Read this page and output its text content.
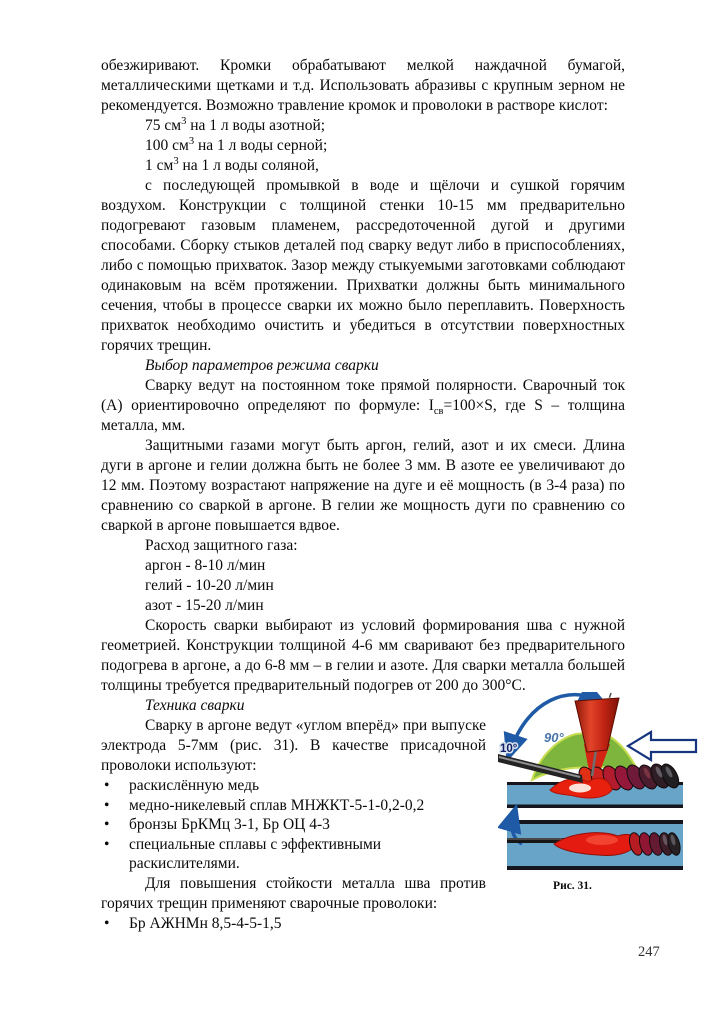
обезжиривают. Кромки обрабатывают мелкой наждачной бумагой, металлическими щетками и т.д. Использовать абразивы с крупным зерном не рекомендуется. Возможно травление кромок и проволоки в растворе кислот:

75 $см^3$ на 1 л воды азотной;
100 $см^3$ на 1 л воды серной;
1 $см^3$ на 1 л воды соляной,

с последующей промывкой в воде и щёлочи и сушкой горячим воздухом. Конструкции с толщиной стенки 10-15 мм предварительно подогревают газовым пламенем, рассредоточенной дугой и другими способами. Сборку стыков деталей под сварку ведут либо в приспособлениях, либо с помощью прихваток. Зазор между стыкуемыми заготовками соблюдают одинаковым на всём протяжении. Прихватки должны быть минимального сечения, чтобы в процессе сварки их можно было переплавить. Поверхность прихваток необходимо очистить и убедиться в отсутствии поверхностных горячих трещин.

Выбор параметров режима сварки

Сварку ведут на постоянном токе прямой полярности. Сварочный ток (А) ориентировочно определяют по формуле: $I_{св}=100\times S$, где S – толщина металла, мм.

Защитными газами могут быть аргон, гелий, азот и их смеси. Длина дуги в аргоне и гелии должна быть не более 3 мм. В азоте ее увеличивают до 12 мм. Поэтому возрастают напряжение на дуге и её мощность (в 3-4 раза) по сравнению со сваркой в аргоне. В гелии же мощность дуги по сравнению со сваркой в аргоне повышается вдвое.

Расход защитного газа:

аргон - 8-10 л/мин
гелий - 10-20 л/мин
азот - 15-20 л/мин

Скорость сварки выбирают из условий формирования шва с нужной геометрией. Конструкции толщиной 4-6 мм сваривают без предварительного подогрева в аргоне, а до 6-8 мм – в гелии и азоте. Для сварки металла большей толщины требуется предварительный подогрев от 200 до 300°С.

Техника сварки

90°
10°
Рис. 31.

Сварку в аргоне ведут «углом вперёд» при выпуске электрода 5-7мм (рис. 31). В качестве присадочной проволоки используют:

• раскислённую медь
• медно-никелевый сплав МНЖКТ-5-1-0,2-0,2
• бронзы БрКМц 3-1, Бр ОЦ 4-3
• специальные сплавы с эффективными раскислителями.

Для повышения стойкости металла шва против горячих трещин применяют сварочные проволоки:

• Бр АЖНМн 8,5-4-5-1,5
247
